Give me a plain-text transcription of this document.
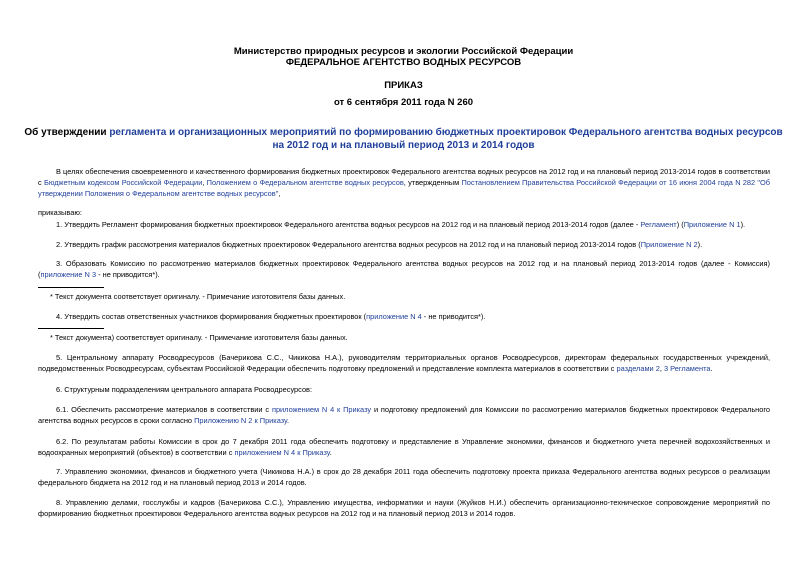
Министерство природных ресурсов и экологии Российской Федерации
ФЕДЕРАЛЬНОЕ АГЕНТСТВО ВОДНЫХ РЕСУРСОВ
ПРИКАЗ
от 6 сентября 2011 года N 260
Об утверждении регламента и организационных мероприятий по формированию бюджетных проектировок Федерального агентства водных ресурсов на 2012 год и на плановый период 2013 и 2014 годов
В целях обеспечения своевременного и качественного формирования бюджетных проектировок Федерального агентства водных ресурсов на 2012 год и на плановый период 2013-2014 годов в соответствии с Бюджетным кодексом Российской Федерации, Положением о Федеральном агентстве водных ресурсов, утвержденным Постановлением Правительства Российской Федерации от 16 июня 2004 года N 282 "Об утверждении Положения о Федеральном агентстве водных ресурсов",
приказываю:
1. Утвердить Регламент формирования бюджетных проектировок Федерального агентства водных ресурсов на 2012 год и на плановый период 2013-2014 годов (далее - Регламент) (Приложение N 1).
2. Утвердить график рассмотрения материалов бюджетных проектировок Федерального агентства водных ресурсов на 2012 год и на плановый период 2013-2014 годов (Приложение N 2).
3. Образовать Комиссию по рассмотрению материалов бюджетных проектировок Федерального агентства водных ресурсов на 2012 год и на плановый период 2013-2014 годов (далее - Комиссия) (приложение N 3 - не приводится*).
* Текст документа соответствует оригиналу. - Примечание изготовителя базы данных.
4. Утвердить состав ответственных участников формирования бюджетных проектировок (приложение N 4 - не приводится*).
* Текст документа) соответствует оригиналу. - Примечание изготовителя базы данных.
5. Центральному аппарату Росводресурсов (Бачерикова С.С., Чикикова Н.А.), руководителям территориальных органов Росводресурсов, директорам федеральных государственных учреждений, подведомственных Росводресурсам, субъектам Российской Федерации обеспечить подготовку предложений и представление комплекта материалов в соответствии с разделами 2, 3 Регламента.
6. Структурным подразделениям центрального аппарата Росводресурсов:
6.1. Обеспечить рассмотрение материалов в соответствии с приложением N 4 к Приказу и подготовку предложений для Комиссии по рассмотрению материалов бюджетных проектировок Федерального агентства водных ресурсов в сроки согласно Приложению N 2 к Приказу.
6.2. По результатам работы Комиссии в срок до 7 декабря 2011 года обеспечить подготовку и представление в Управление экономики, финансов и бюджетного учета перечней водохозяйственных и водоохранных мероприятий (объектов) в соответствии с приложением N 4 к Приказу.
7. Управлению экономики, финансов и бюджетного учета (Чикикова Н.А.) в срок до 28 декабря 2011 года обеспечить подготовку проекта приказа Федерального агентства водных ресурсов о реализации федерального бюджета на 2012 год и на плановый период 2013 и 2014 годов.
8. Управлению делами, госслужбы и кадров (Бачерикова С.С.), Управлению имущества, информатики и науки (Жуйков Н.И.) обеспечить организационно-техническое сопровождение мероприятий по формированию бюджетных проектировок Федерального агентства водных ресурсов на 2012 год и на плановый период 2013 и 2014 годов.
